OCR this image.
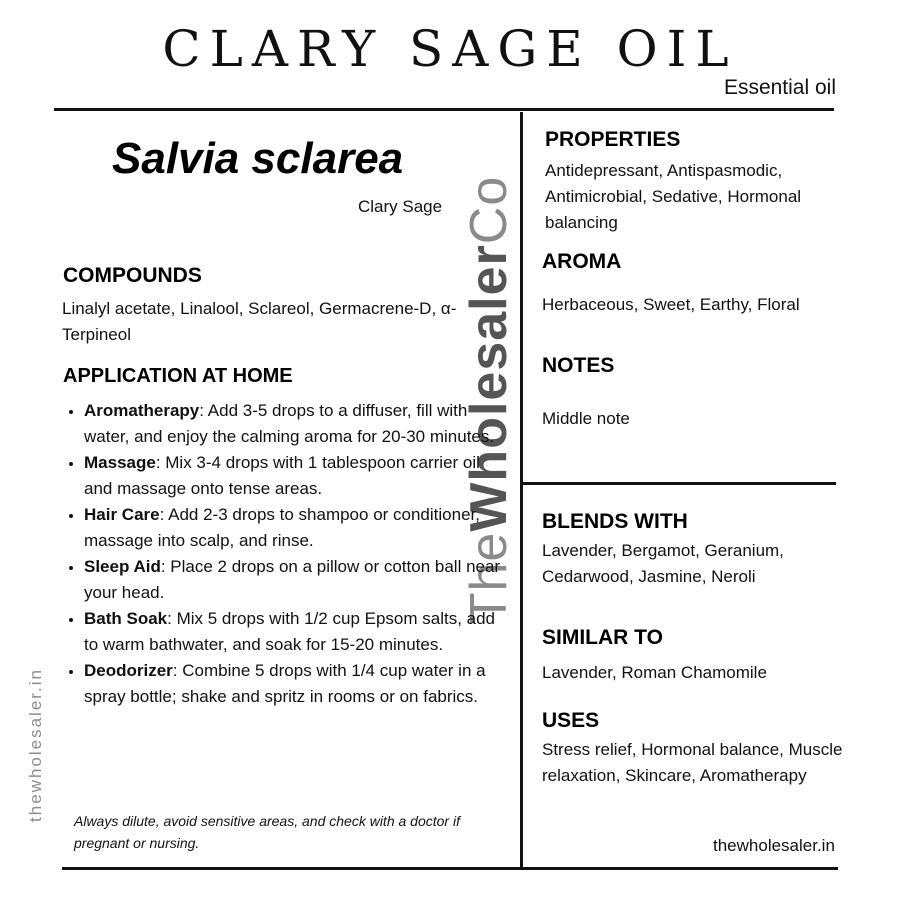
CLARY SAGE OIL
Essential oil
TheWholesalerCo
Salvia sclarea
Clary Sage
COMPOUNDS
Linalyl acetate, Linalool, Sclareol, Germacrene-D, α-Terpineol
APPLICATION AT HOME
• Aromatherapy: Add 3-5 drops to a diffuser, fill with water, and enjoy the calming aroma for 20-30 minutes.
• Massage: Mix 3-4 drops with 1 tablespoon carrier oil and massage onto tense areas.
• Hair Care: Add 2-3 drops to shampoo or conditioner, massage into scalp, and rinse.
• Sleep Aid: Place 2 drops on a pillow or cotton ball near your head.
• Bath Soak: Mix 5 drops with 1/2 cup Epsom salts, add to warm bathwater, and soak for 15-20 minutes.
• Deodorizer: Combine 5 drops with 1/4 cup water in a spray bottle; shake and spritz in rooms or on fabrics.
Always dilute, avoid sensitive areas, and check with a doctor if pregnant or nursing.
thewholesaler.in
PROPERTIES
Antidepressant, Antispasmodic, Antimicrobial, Sedative, Hormonal balancing
AROMA
Herbaceous, Sweet, Earthy, Floral
NOTES
Middle note
BLENDS WITH
Lavender, Bergamot, Geranium, Cedarwood, Jasmine, Neroli
SIMILAR TO
Lavender, Roman Chamomile
USES
Stress relief, Hormonal balance, Muscle relaxation, Skincare, Aromatherapy
thewholesaler.in
